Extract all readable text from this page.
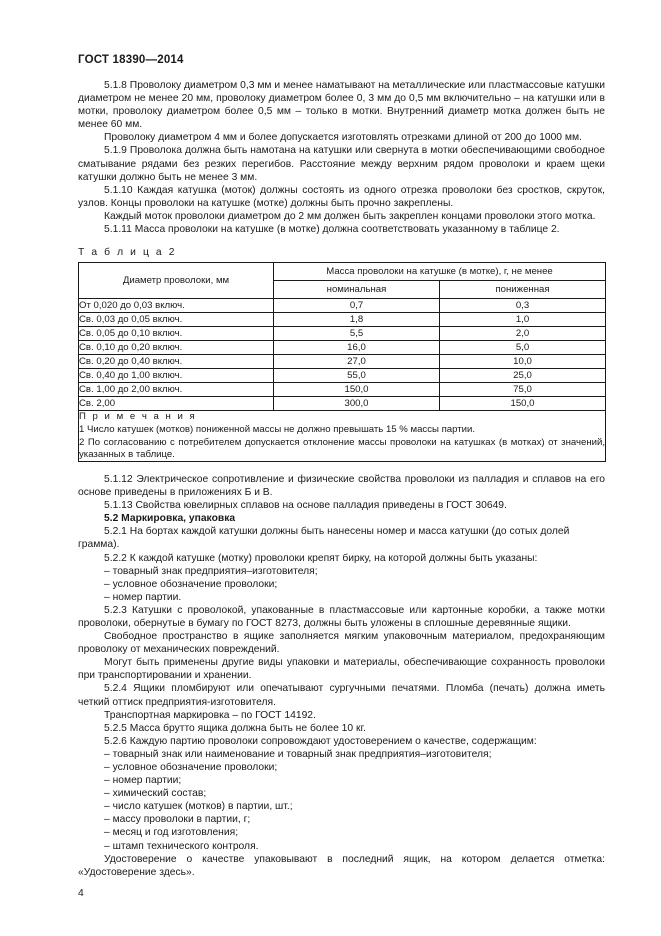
ГОСТ 18390—2014

5.1.8 Проволоку диаметром 0,3 мм и менее наматывают на металлические или пластмассовые катушки диаметром не менее 20 мм, проволоку диаметром более 0, 3 мм до 0,5 мм включительно – на катушки или в мотки, проволоку диаметром более 0,5 мм – только в мотки. Внутренний диаметр мотка должен быть не менее 60 мм.

Проволоку диаметром 4 мм и более допускается изготовлять отрезками длиной от 200 до 1000 мм.

5.1.9 Проволока должна быть намотана на катушки или свернута в мотки обеспечивающими свободное сматывание рядами без резких перегибов. Расстояние между верхним рядом проволоки и краем щеки катушки должно быть не менее 3 мм.

5.1.10 Каждая катушка (моток) должны состоять из одного отрезка проволоки без сростков, скруток, узлов. Концы проволоки на катушке (мотке) должны быть прочно закреплены.

Каждый моток проволоки диаметром до 2 мм должен быть закреплен концами проволоки этого мотка.

5.1.11 Масса проволоки на катушке (в мотке) должна соответствовать указанному в таблице 2.

Т а б л и ц а 2
Диаметр проволоки, мм	Масса проволоки на катушке (в мотке), г, не менее	
	номинальная	пониженная
От 0,020 до 0,03 включ.	0,7	0,3
Св. 0,03 до 0,05 включ.	1,8	1,0
Св. 0,05 до 0,10 включ.	5,5	2,0
Св. 0,10 до 0,20 включ.	16,0	5,0
Св. 0,20 до 0,40 включ.	27,0	10,0
Св. 0,40 до 1,00 включ.	55,0	25,0
Св. 1,00 до 2,00 включ.	150,0	75,0
Св. 2,00	300,0	150,0

П р и м е ч а н и я
1 Число катушек (мотков) пониженной массы не должно превышать 15 % массы партии.
2 По согласованию с потребителем допускается отклонение массы проволоки на катушках (в мотках) от значений, указанных в таблице.		

5.1.12 Электрическое сопротивление и физические свойства проволоки из палладия и сплавов на его основе приведены в приложениях Б и В.

5.1.13 Свойства ювелирных сплавов на основе палладия приведены в ГОСТ 30649.

5.2 Маркировка, упаковка

5.2.1 На бортах каждой катушки должны быть нанесены номер и масса катушки (до сотых долей грамма).

5.2.2 К каждой катушке (мотку) проволоки крепят бирку, на которой должны быть указаны:

– товарный знак предприятия–изготовителя;

– условное обозначение проволоки;

– номер партии.

5.2.3 Катушки с проволокой, упакованные в пластмассовые или картонные коробки, а также мотки проволоки, обернутые в бумагу по ГОСТ 8273, должны быть уложены в сплошные деревянные ящики.

Свободное пространство в ящике заполняется мягким упаковочным материалом, предохраняющим проволоку от механических повреждений.

Могут быть применены другие виды упаковки и материалы, обеспечивающие сохранность проволоки при транспортировании и хранении.

5.2.4 Ящики пломбируют или опечатывают сургучными печатями. Пломба (печать) должна иметь четкий оттиск предприятия-изготовителя.

Транспортная маркировка – по ГОСТ 14192.

5.2.5 Масса брутто ящика должна быть не более 10 кг.

5.2.6 Каждую партию проволоки сопровождают удостоверением о качестве, содержащим:

– товарный знак или наименование и товарный знак предприятия–изготовителя;

– условное обозначение проволоки;

– номер партии;

– химический состав;

– число катушек (мотков) в партии, шт.;

– массу проволоки в партии, г;

– месяц и год изготовления;

– штамп технического контроля.

Удостоверение о качестве упаковывают в последний ящик, на котором делается отметка: «Удостоверение здесь».

4
